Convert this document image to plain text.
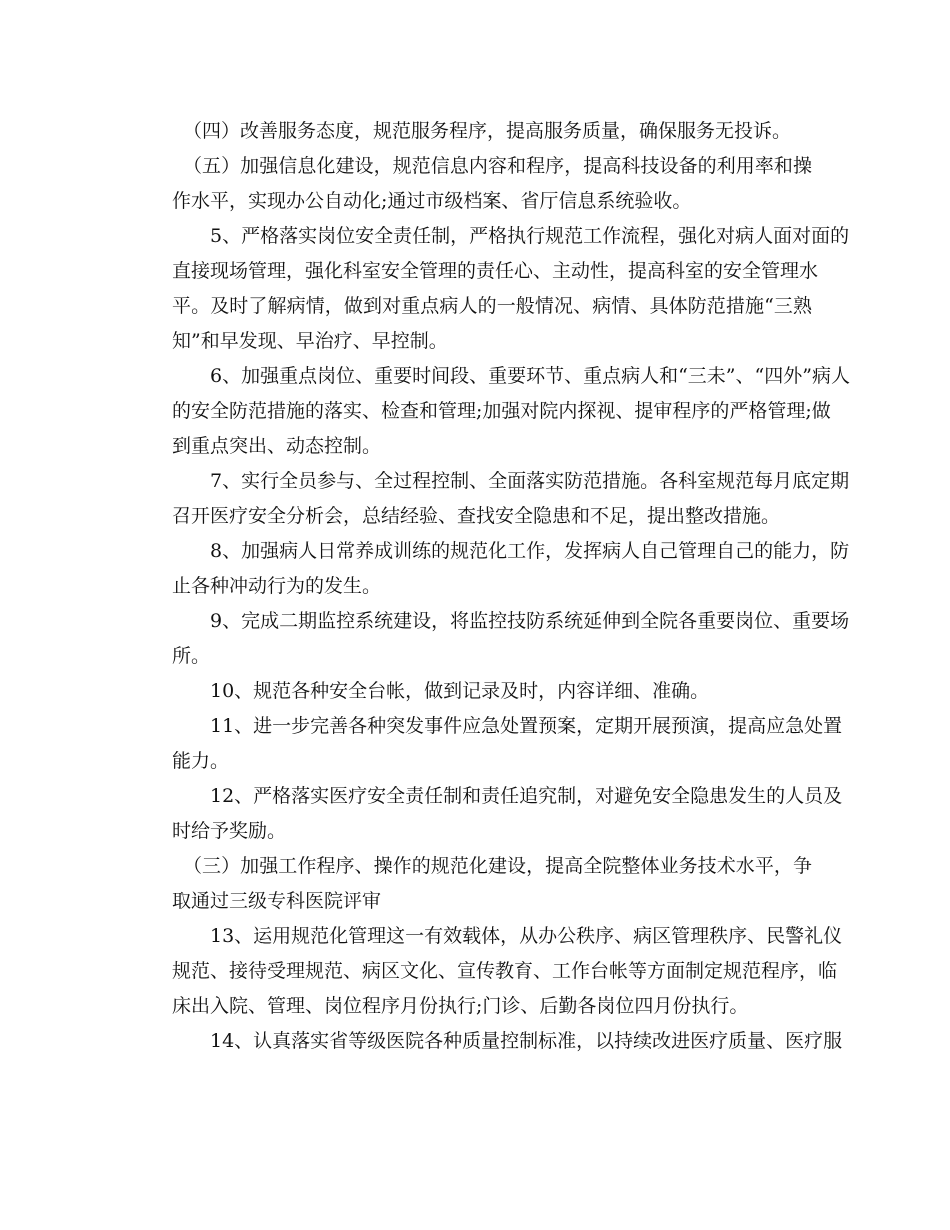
（四）改善服务态度，规范服务程序，提高服务质量，确保服务无投诉。
（五）加强信息化建设，规范信息内容和程序，提高科技设备的利用率和操
作水平，实现办公自动化;通过市级档案、省厅信息系统验收。
5、严格落实岗位安全责任制，严格执行规范工作流程，强化对病人面对面的
直接现场管理，强化科室安全管理的责任心、主动性，提高科室的安全管理水
平。及时了解病情，做到对重点病人的一般情况、病情、具体防范措施“三熟
知”和早发现、早治疗、早控制。
6、加强重点岗位、重要时间段、重要环节、重点病人和“三未”、“四外”病人
的安全防范措施的落实、检查和管理;加强对院内探视、提审程序的严格管理;做
到重点突出、动态控制。
7、实行全员参与、全过程控制、全面落实防范措施。各科室规范每月底定期
召开医疗安全分析会，总结经验、查找安全隐患和不足，提出整改措施。
8、加强病人日常养成训练的规范化工作，发挥病人自己管理自己的能力，防
止各种冲动行为的发生。
9、完成二期监控系统建设，将监控技防系统延伸到全院各重要岗位、重要场
所。
10、规范各种安全台帐，做到记录及时，内容详细、准确。
11、进一步完善各种突发事件应急处置预案，定期开展预演，提高应急处置
能力。
12、严格落实医疗安全责任制和责任追究制，对避免安全隐患发生的人员及
时给予奖励。
（三）加强工作程序、操作的规范化建设，提高全院整体业务技术水平，争
取通过三级专科医院评审
13、运用规范化管理这一有效载体，从办公秩序、病区管理秩序、民警礼仪
规范、接待受理规范、病区文化、宣传教育、工作台帐等方面制定规范程序，临
床出入院、管理、岗位程序月份执行;门诊、后勤各岗位四月份执行。
14、认真落实省等级医院各种质量控制标准，以持续改进医疗质量、医疗服
